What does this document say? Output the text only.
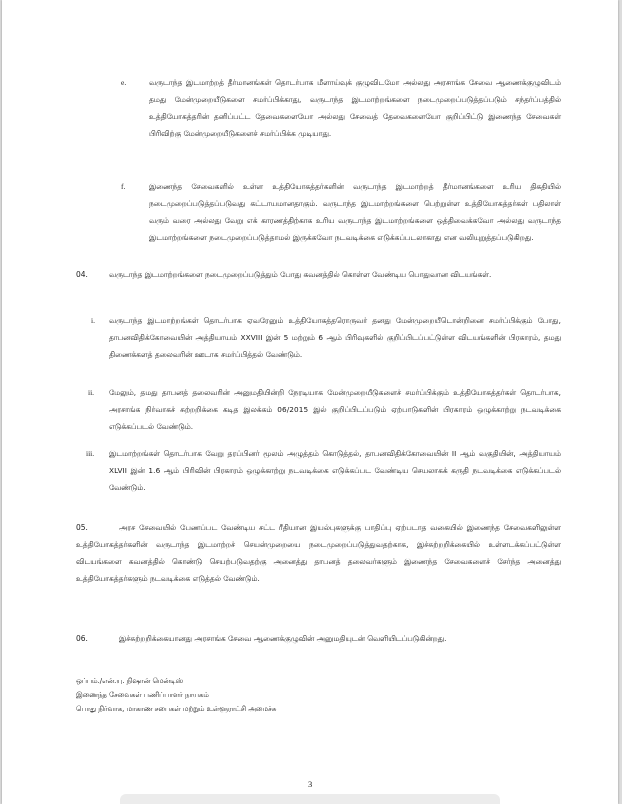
e.	வருடாந்த இடமாற்றத் தீர்மானங்கள் தொடர்பாக மீளாய்வுக் குழுவிடமோ அல்லது அரசாங்க சேவை ஆணைக்குழுவிடம் தமது மேன்முறையீடுகளை சமர்ப்பிக்காது, வருடாந்த இடமாற்றங்களை நடைமுறைப்படுத்தப்படும் சந்தர்ப்பத்தில் உத்தியோகத்தரின் தனிப்பட்ட தேவைகளையோ அல்லது சேவைத் தேவைகளையோ குறிப்பிட்டு இணைந்த சேவைகள் பிரிவிற்கு மேன்முறையீடுகளைச் சமர்ப்பிக்க முடியாது.
f.	இணைந்த சேவைகளில் உள்ள உத்தியோகத்தர்களின் வருடாந்த இடமாற்றத் தீர்மானங்களை உரிய திகதியில் நடைமுறைப்படுத்தப்படுவது கட்டாயமானதாகும். வருடாந்த இடமாற்றங்களை பெற்றுள்ள உத்தியோகத்தர்கள் பதிலாள் வரும் வரை அல்லது வேறு எக் காரணத்திற்காக உரிய வருடாந்த இடமாற்றங்களை ஒத்திவைக்கவோ அல்லது வருடாந்த இடமாற்றங்களை நடைமுறைப்படுத்தாமல் இருக்கவோ நடவடிக்கை எடுக்கப்படலாகாது என வலியுறுத்தப்படுகிறது.
04.	வருடாந்த இடமாற்றங்களை நடைமுறைப்படுத்தும் போது கவனத்தில் கொள்ள வேண்டிய பொதுவான விடயங்கள்.
i. வருடாந்த இடமாற்றங்கள் தொடர்பாக ஏவரேனும் உத்தியோகத்தரொருவர் தனது மேன்முறையீடொன்றினை சமர்ப்பிக்கும் போது, தாபனவிதிக்கோவையின் அத்தியாயம் XXVIII இன் 5 மற்றும் 6 ஆம் பிரிவுகளில் குறிப்பிடப்பட்டுள்ள விடயங்களின் பிரகாரம், தமது திணைக்களத் தலைவரின் ஊடாக சமர்ப்பித்தல் வேண்டும்.
ii. மேலும், தமது தாபனத் தலைவரின் அனுமதியின்றி நேரடியாக மேன்முறையீடுகளைச் சமர்ப்பிக்கும் உத்தியோகத்தர்கள் தொடர்பாக, அரசாங்க நிர்வாகச் சுற்றறிக்கை கடித இலக்கம் 06/2015 இல் குறிப்பிடப்படும் ஏற்பாடுகளின் பிரகாரம் ஒழுக்காற்று நடவடிக்கை எடுக்கப்படல் வேண்டும்.
iii. இடமாற்றங்கள் தொடர்பாக வேறு தரப்பினர் மூலம் அழுத்தம் கொடுத்தல், தாபனவிதிக்கோவையின் II ஆம் வகுதியின், அத்தியாயம் XLVII இன் 1.6 ஆம் பிரிவின் பிரகாரம் ஒழுக்காற்று நடவடிக்கை எடுக்கப்பட வேண்டிய செயலாகக் கருதி நடவடிக்கை எடுக்கப்படல் வேண்டும்.
05.	அரச சேவையில் பேணப்பட வேண்டிய சட்ட ரீதியான இயல்புகளுக்கு பாதிப்பு ஏற்படாத வகையில் இணைந்த சேவைகளிலுள்ள உத்தியோகத்தர்களின் வருடாந்த இடமாற்றச் செயன்முறையை நடைமுறைப்படுத்துவதற்காக, இச்சுற்றறிக்கையில் உள்ளடக்கப்பட்டுள்ள விடயங்களை கவனத்தில் கொண்டு செயற்படுவதற்கு அனைத்து தாபனத் தலைவர்களும் இணைந்த சேவைகளைச் சேர்ந்த அனைத்து உத்தியோகத்தர்களும் நடவடிக்கை எடுத்தல் வேண்டும்.
06.	இச்சுற்றறிக்கையானது அரசாங்க சேவை ஆணைக்குழுவின் அனுமதியுடன் வெளியிடப்படுகின்றது.
ஒப்பம்./என்.யு. நிஷான் மென்டிஸ்
இணைந்த சேவைகள் பணிப்பாளர் நாயகம்
பொது நிர்வாக, மாகாண சபைகள் மற்றும் உள்ளூராட்சி அமைச்சு
3
